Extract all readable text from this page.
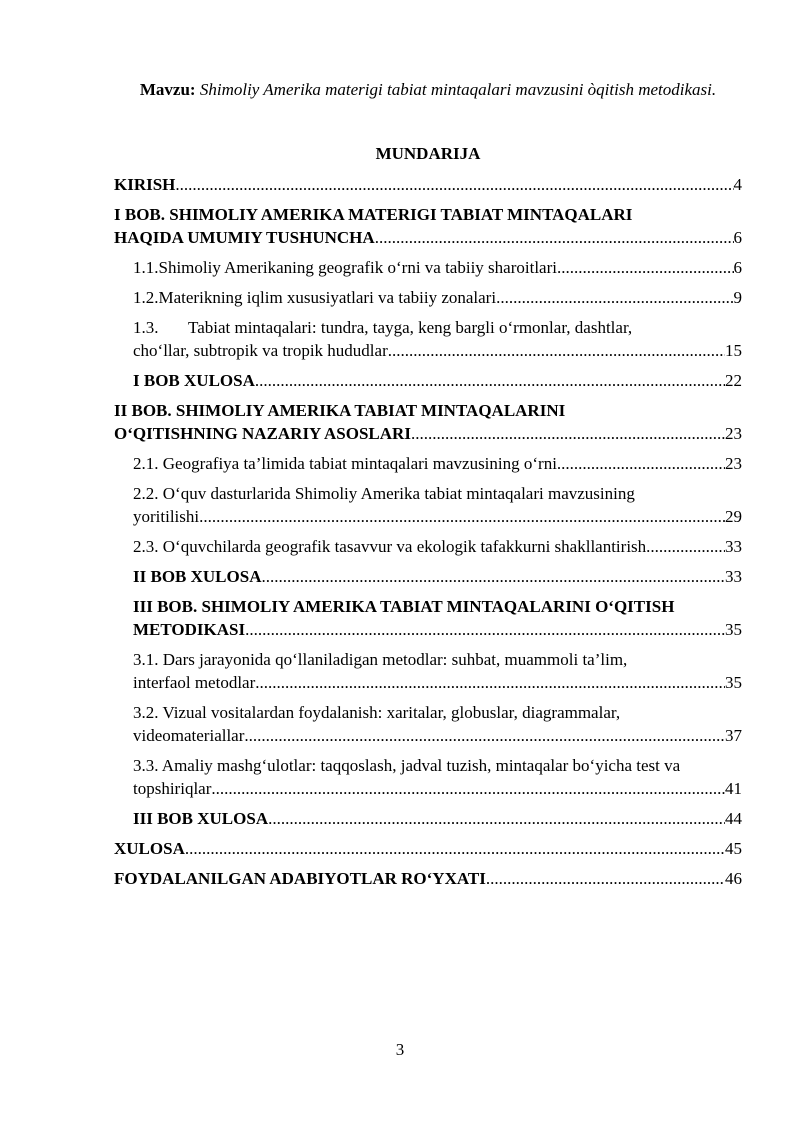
Mavzu: Shimoliy Amerika materigi tabiat mintaqalari mavzusini òqitish metodikasi.
MUNDARIJA
KIRISH .....	4
I BOB. SHIMOLIY AMERIKA MATERIGI TABIAT MINTAQALARI
HAQIDA UMUMIY TUSHUNCHA .....	6
1.1. Shimoliy Amerikaning geografik o‘rni va tabiiy sharoitlari .....	6
1.2. Materikning iqlim xususiyatlari va tabiiy zonalari .....	9
1.3. Tabiat mintaqalari: tundra, tayga, keng bargli o‘rmonlar, dashtlar,
cho‘llar, subtropik va tropik hududlar .....	15
I BOB XULOSA .....	22
II BOB. SHIMOLIY AMERIKA TABIAT MINTAQALARINI
O‘QITISHNING NAZARIY ASOSLARI .....	23
2.1. Geografiya ta’limida tabiat mintaqalari mavzusining o‘rni .....	23
2.2. O‘quv dasturlarida Shimoliy Amerika tabiat mintaqalari mavzusining
yoritilishi .....	29
2.3. O‘quvchilarda geografik tasavvur va ekologik tafakkurni shakllantirish .....	33
II BOB XULOSA .....	33
III BOB. SHIMOLIY AMERIKA TABIAT MINTAQALARINI O‘QITISH
METODIKASI .....	35
3.1. Dars jarayonida qo‘llaniladigan metodlar: suhbat, muammoli ta’lim,
interfaol metodlar .....	35
3.2. Vizual vositalardan foydalanish: xaritalar, globuslar, diagrammalar,
videomateriallar .....	37
3.3. Amaliy mashg‘ulotlar: taqqoslash, jadval tuzish, mintaqalar bo‘yicha test va
topshiriqlar .....	41
III BOB XULOSA .....	44
XULOSA .....	45
FOYDALANILGAN ADABIYOTLAR RO‘YXATI .....	46
3
